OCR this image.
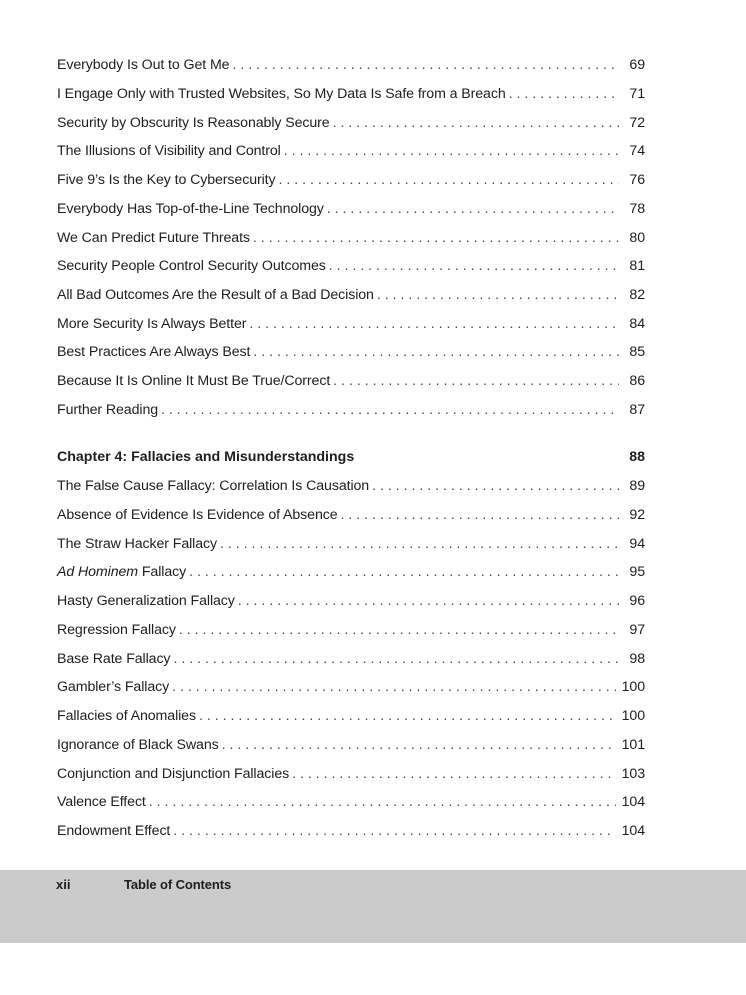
Everybody Is Out to Get Me . . .	69
I Engage Only with Trusted Websites, So My Data Is Safe from a Breach . . .	71
Security by Obscurity Is Reasonably Secure . . .	72
The Illusions of Visibility and Control . . .	74
Five 9’s Is the Key to Cybersecurity . . .	76
Everybody Has Top-of-the-Line Technology . . .	78
We Can Predict Future Threats . . .	80
Security People Control Security Outcomes . . .	81
All Bad Outcomes Are the Result of a Bad Decision . . .	82
More Security Is Always Better . . .	84
Best Practices Are Always Best . . .	85
Because It Is Online It Must Be True/Correct . . .	86
Further Reading . . .	87
Chapter 4: Fallacies and Misunderstandings	88
The False Cause Fallacy: Correlation Is Causation . . .	89
Absence of Evidence Is Evidence of Absence . . .	92
The Straw Hacker Fallacy . . .	94
Ad Hominem Fallacy . . .	95
Hasty Generalization Fallacy . . .	96
Regression Fallacy . . .	97
Base Rate Fallacy . . .	98
Gambler’s Fallacy . . .	100
Fallacies of Anomalies . . .	100
Ignorance of Black Swans . . .	101
Conjunction and Disjunction Fallacies . . .	103
Valence Effect . . .	104
Endowment Effect . . .	104
xii	Table of Contents
